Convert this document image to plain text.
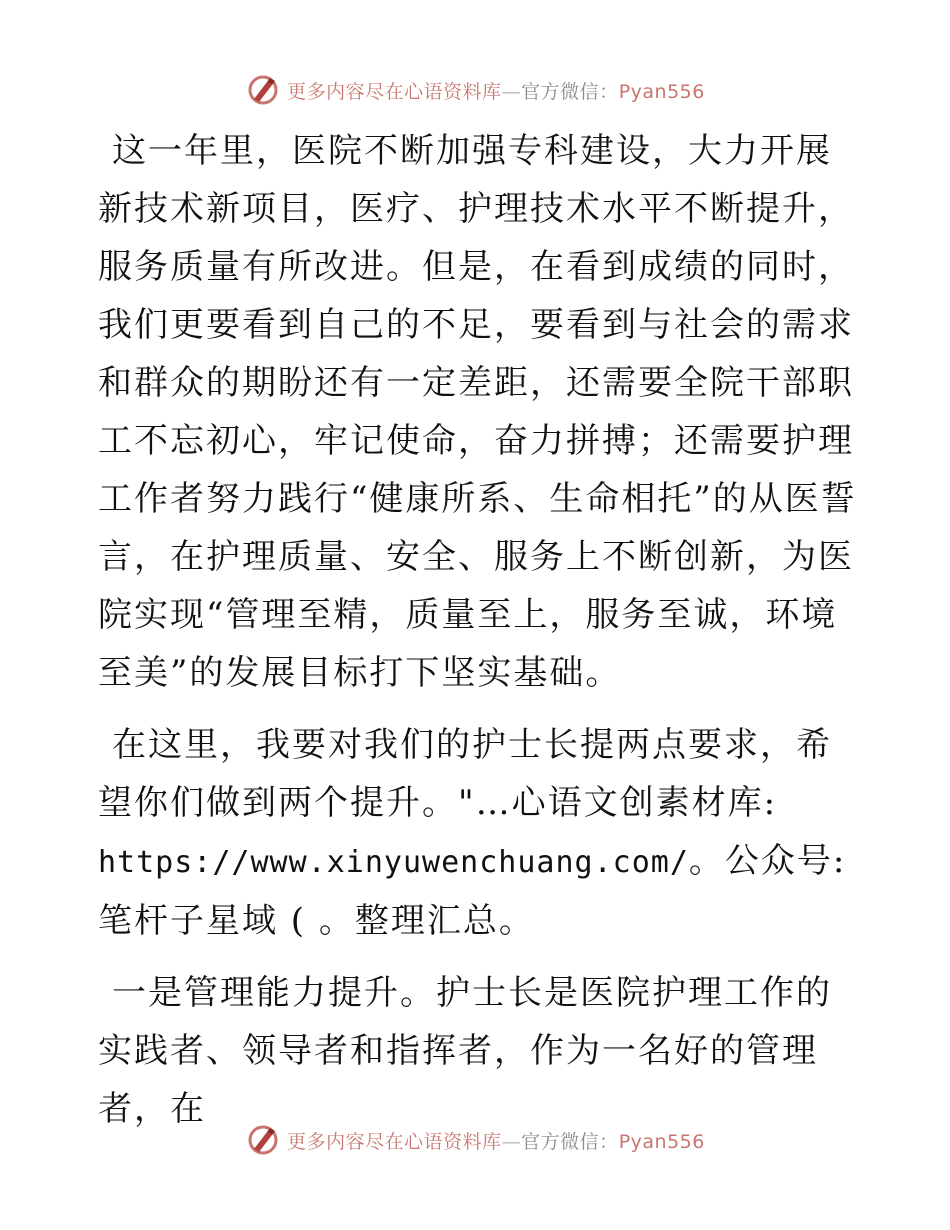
更多内容尽在心语资料库—官方微信：Pyan556

这一年里，医院不断加强专科建设，大力开展新技术新项目，医疗、护理技术水平不断提升，服务质量有所改进。但是，在看到成绩的同时，我们更要看到自己的不足，要看到与社会的需求和群众的期盼还有一定差距，还需要全院干部职工不忘初心，牢记使命，奋力拼搏；还需要护理工作者努力践行“健康所系、生命相托”的从医誓言，在护理质量、安全、服务上不断创新，为医院实现“管理至精，质量至上，服务至诚，环境至美”的发展目标打下坚实基础。

在这里，我要对我们的护士长提两点要求，希望你们做到两个提升。"…心语文创素材库:
https://www.xinyuwenchuang.com/。公众号: 笔杆子星域 ( 。整理汇总。

一是管理能力提升。护士长是医院护理工作的实践者、领导者和指挥者，作为一名好的管理者，在

更多内容尽在心语资料库—官方微信：Pyan556
